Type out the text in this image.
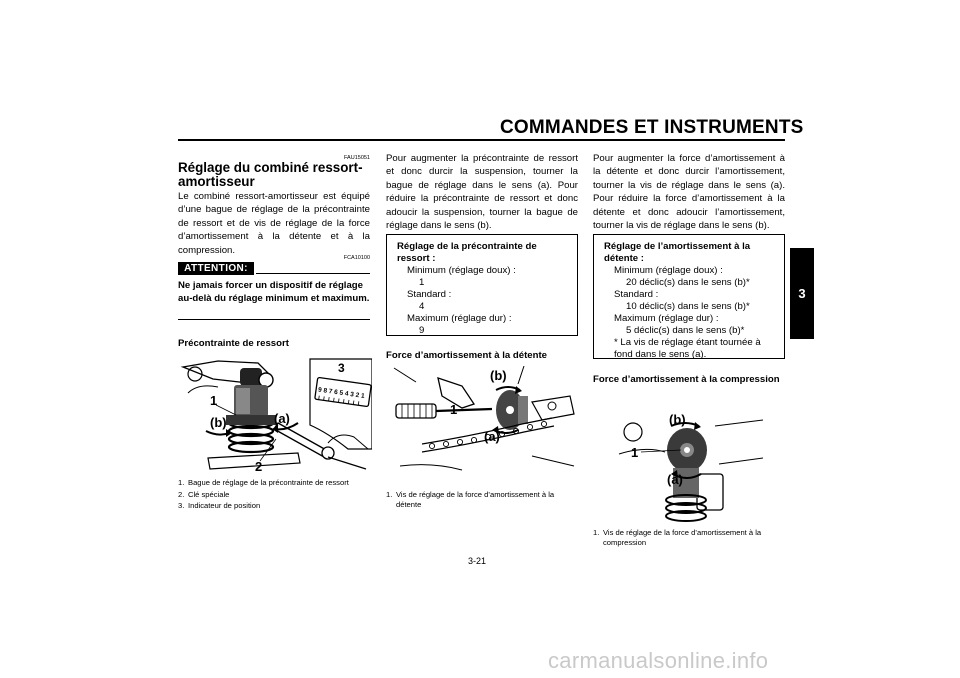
COMMANDES ET INSTRUMENTS
3
FAU15051
Réglage du combiné ressort-amortisseur

Le combiné ressort-amortisseur est équipé d’une bague de réglage de la précontrainte de ressort et de vis de réglage de la force d’amortissement à la détente et à la compression.

ATTENTION:
FCA10100
Ne jamais forcer un dispositif de réglage au-delà du réglage minimum et maximum.
Précontrainte de ressort
9 8 7 6 5 4 3 2 1
3
1
(b)	(a)
2
1. Bague de réglage de la précontrainte de ressort
2. Clé spéciale
3. Indicateur de position

Pour augmenter la précontrainte de ressort et donc durcir la suspension, tourner la bague de réglage dans le sens (a). Pour réduire la précontrainte de ressort et donc adoucir la suspension, tourner la bague de réglage dans le sens (b).

Réglage de la précontrainte de ressort :
Minimum (réglage doux) :
1
Standard :
4
Maximum (réglage dur) :
9
Force d’amortissement à la détente
(b)
1
(a)
1. Vis de réglage de la force d’amortissement à la détente

Pour augmenter la force d’amortissement à la détente et donc durcir l’amortissement, tourner la vis de réglage dans le sens (a). Pour réduire la force d’amortissement à la détente et donc adoucir l’amortissement, tourner la vis de réglage dans le sens (b).

Réglage de l’amortissement à la détente :
Minimum (réglage doux) :
20 déclic(s) dans le sens (b)*
Standard :
10 déclic(s) dans le sens (b)*
Maximum (réglage dur) :
5 déclic(s) dans le sens (b)*
* La vis de réglage étant tournée à fond dans le sens (a).
Force d’amortissement à la compression
(b)
1
(a)
1. Vis de réglage de la force d’amortissement à la compression
3-21
carmanualsonline.info
